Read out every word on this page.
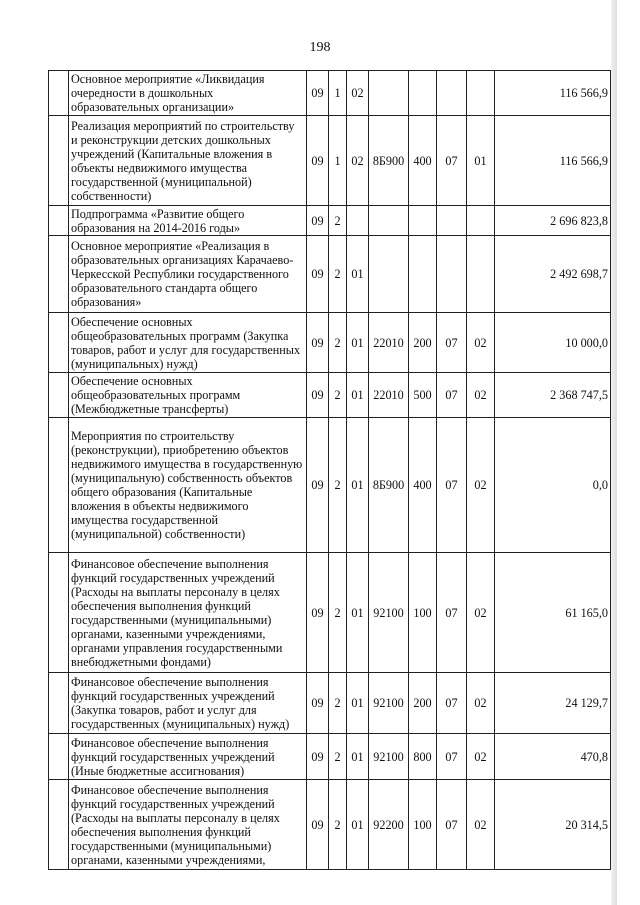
198
	Основное мероприятие «Ликвидация очередности в дошкольных образовательных организации»	09	1	02					116 566,9
	Реализация мероприятий по строительству и реконструкции детских дошкольных учреждений (Капитальные вложения в объекты недвижимого имущества государственной (муниципальной) собственности)	09	1	02	8Б900	400	07	01	116 566,9
	Подпрограмма «Развитие общего образования на 2014-2016 годы»	09	2						2 696 823,8
	Основное мероприятие «Реализация в образовательных организациях Карачаево-Черкесской Республики государственного образовательного стандарта общего образования»	09	2	01					2 492 698,7
	Обеспечение основных общеобразовательных программ (Закупка товаров, работ и услуг для государственных (муниципальных) нужд)	09	2	01	22010	200	07	02	10 000,0
	Обеспечение основных общеобразовательных программ (Межбюджетные трансферты)	09	2	01	22010	500	07	02	2 368 747,5
	Мероприятия по строительству (реконструкции), приобретению объектов недвижимого имущества в государственную (муниципальную) собственность объектов общего образования (Капитальные вложения в объекты недвижимого имущества государственной (муниципальной) собственности)	09	2	01	8Б900	400	07	02	0,0
	Финансовое обеспечение выполнения функций государственных учреждений (Расходы на выплаты персоналу в целях обеспечения выполнения функций государственными (муниципальными) органами, казенными учреждениями, органами управления государственными внебюджетными фондами)	09	2	01	92100	100	07	02	61 165,0
	Финансовое обеспечение выполнения функций государственных учреждений (Закупка товаров, работ и услуг для государственных (муниципальных) нужд)	09	2	01	92100	200	07	02	24 129,7
	Финансовое обеспечение выполнения функций государственных учреждений (Иные бюджетные ассигнования)	09	2	01	92100	800	07	02	470,8
	Финансовое обеспечение выполнения функций государственных учреждений (Расходы на выплаты персоналу в целях обеспечения выполнения функций государственными (муниципальными) органами, казенными учреждениями,	09	2	01	92200	100	07	02	20 314,5
